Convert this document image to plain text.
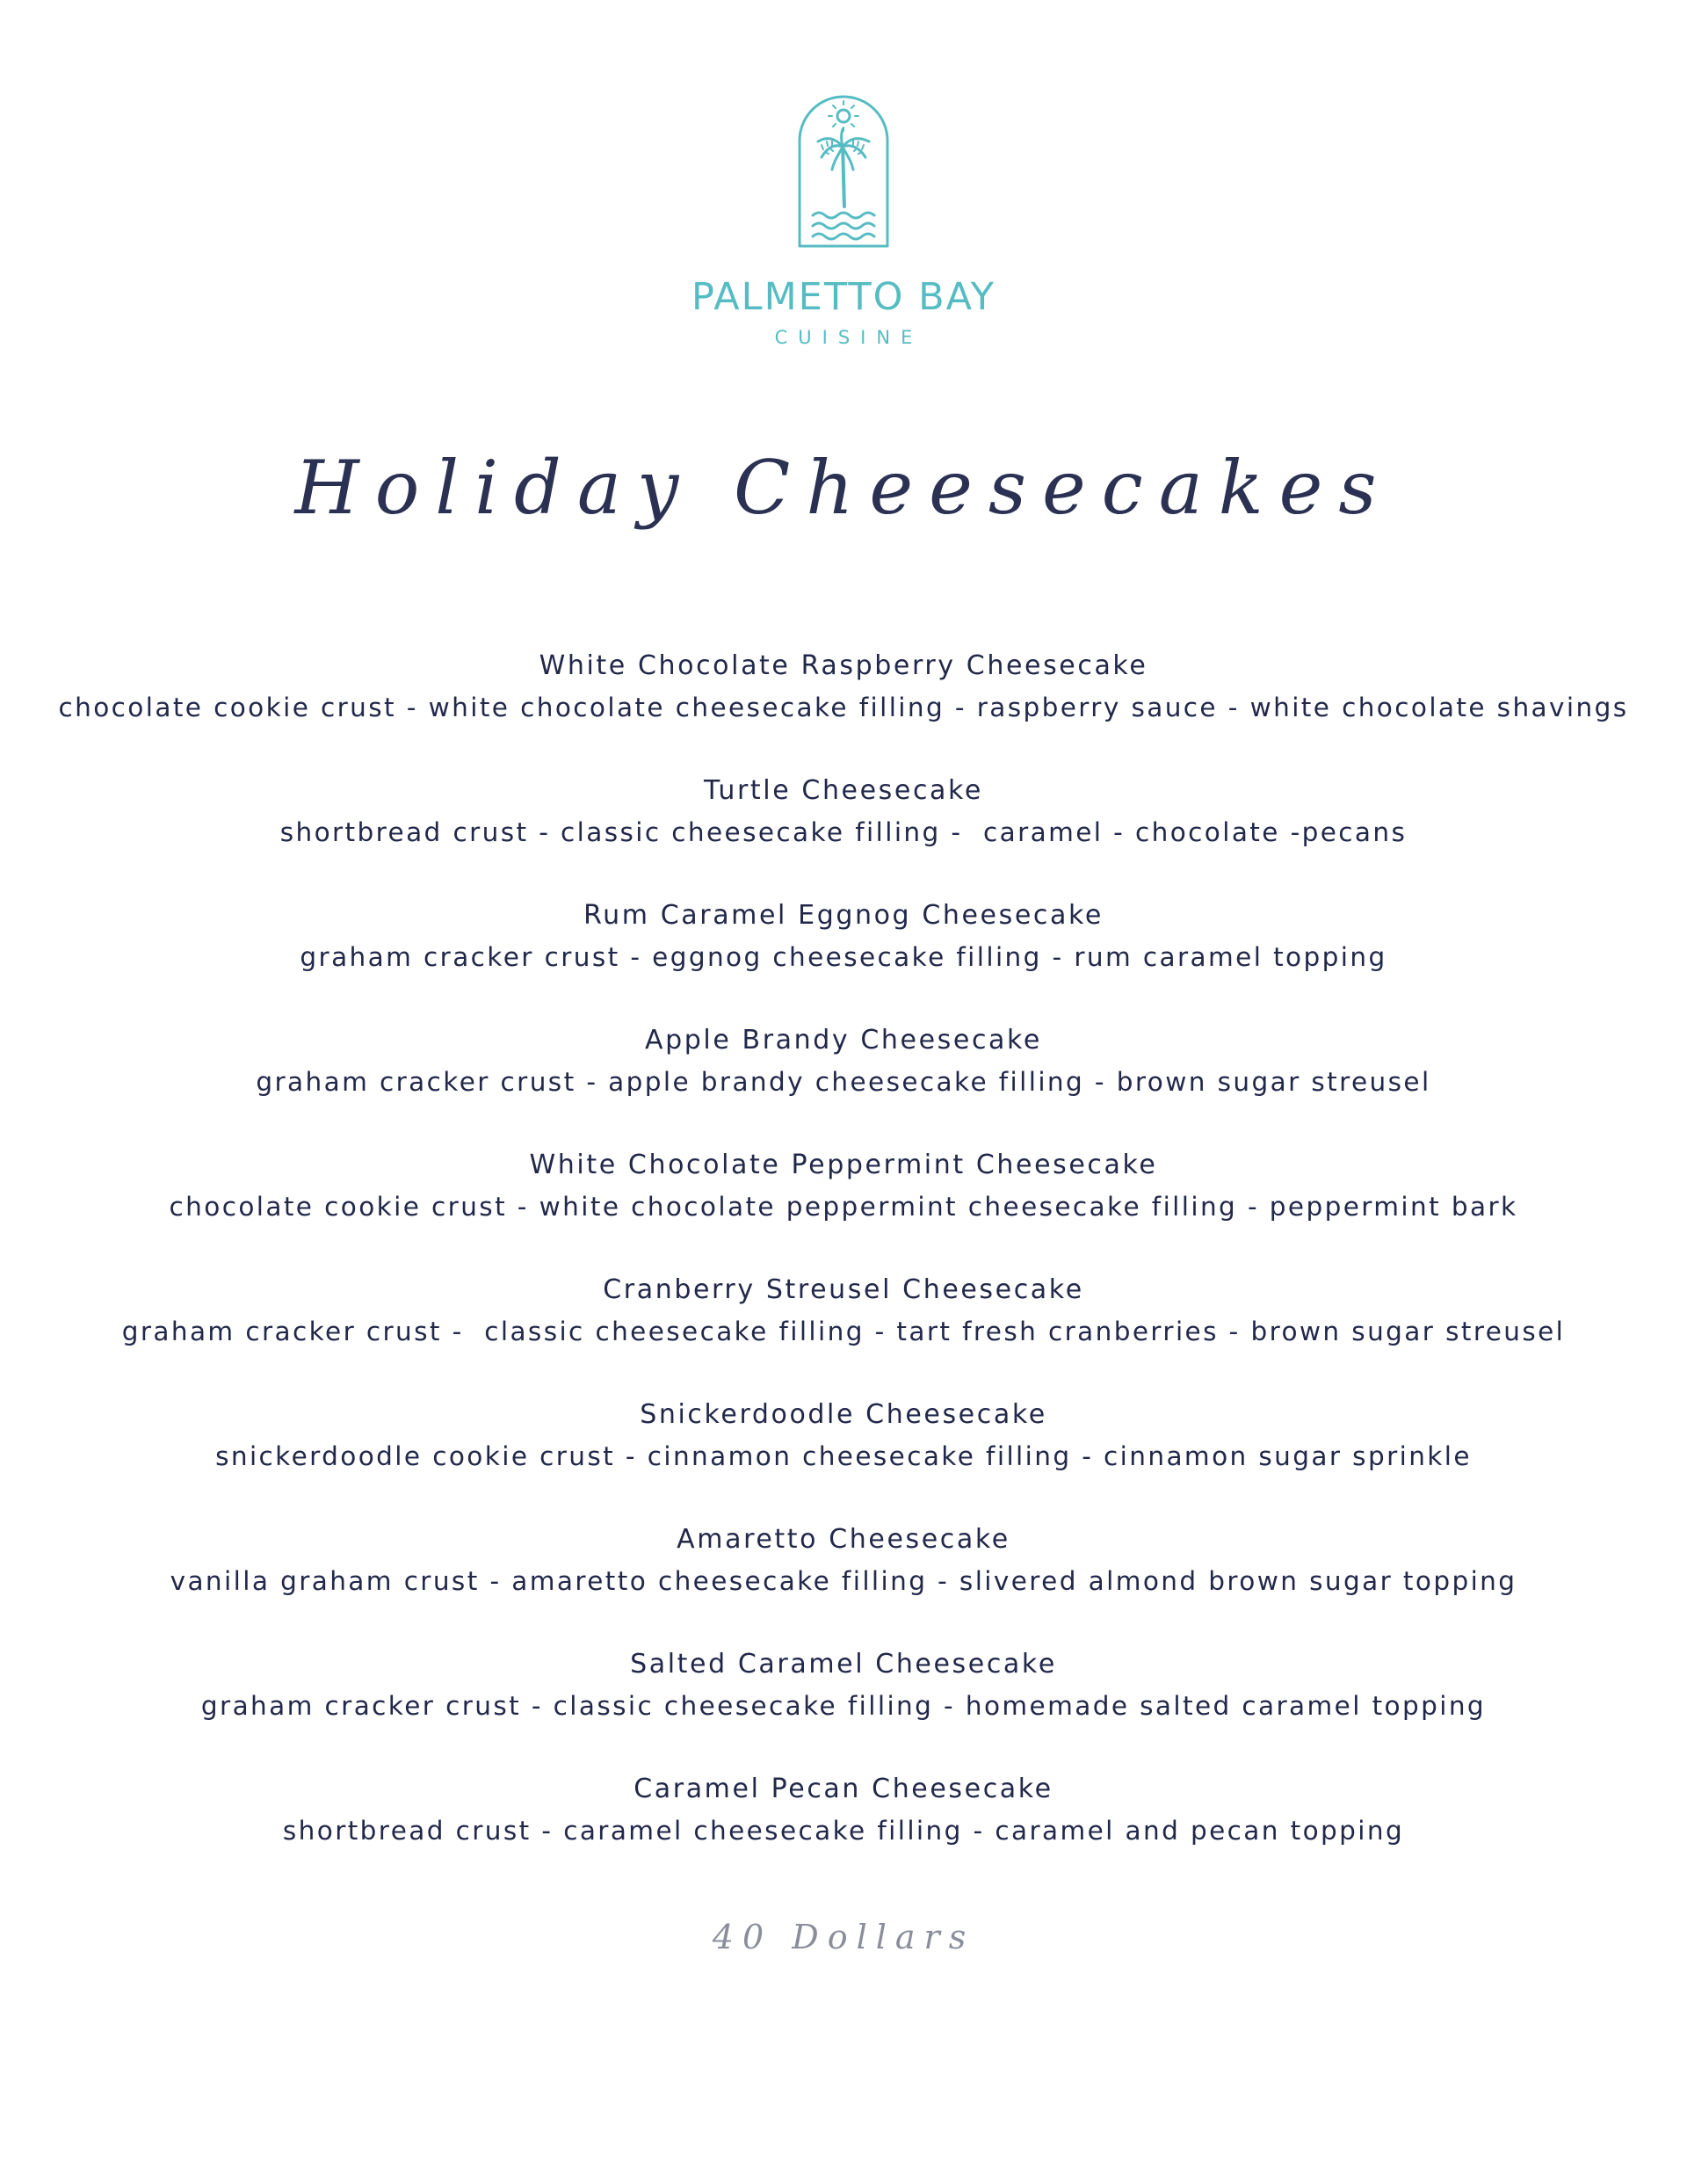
PALMETTO BAY
CUISINE
Holiday Cheesecakes
White Chocolate Raspberry Cheesecake
chocolate cookie crust - white chocolate cheesecake filling - raspberry sauce - white chocolate shavings
Turtle Cheesecake
shortbread crust - classic cheesecake filling -  caramel - chocolate -pecans
Rum Caramel Eggnog Cheesecake
graham cracker crust - eggnog cheesecake filling - rum caramel topping
Apple Brandy Cheesecake
graham cracker crust - apple brandy cheesecake filling - brown sugar streusel
White Chocolate Peppermint Cheesecake
chocolate cookie crust - white chocolate peppermint cheesecake filling - peppermint bark
Cranberry Streusel Cheesecake
graham cracker crust -  classic cheesecake filling - tart fresh cranberries - brown sugar streusel
Snickerdoodle Cheesecake
snickerdoodle cookie crust - cinnamon cheesecake filling - cinnamon sugar sprinkle
Amaretto Cheesecake
vanilla graham crust - amaretto cheesecake filling - slivered almond brown sugar topping
Salted Caramel Cheesecake
graham cracker crust - classic cheesecake filling - homemade salted caramel topping
Caramel Pecan Cheesecake
shortbread crust - caramel cheesecake filling - caramel and pecan topping
40 Dollars
